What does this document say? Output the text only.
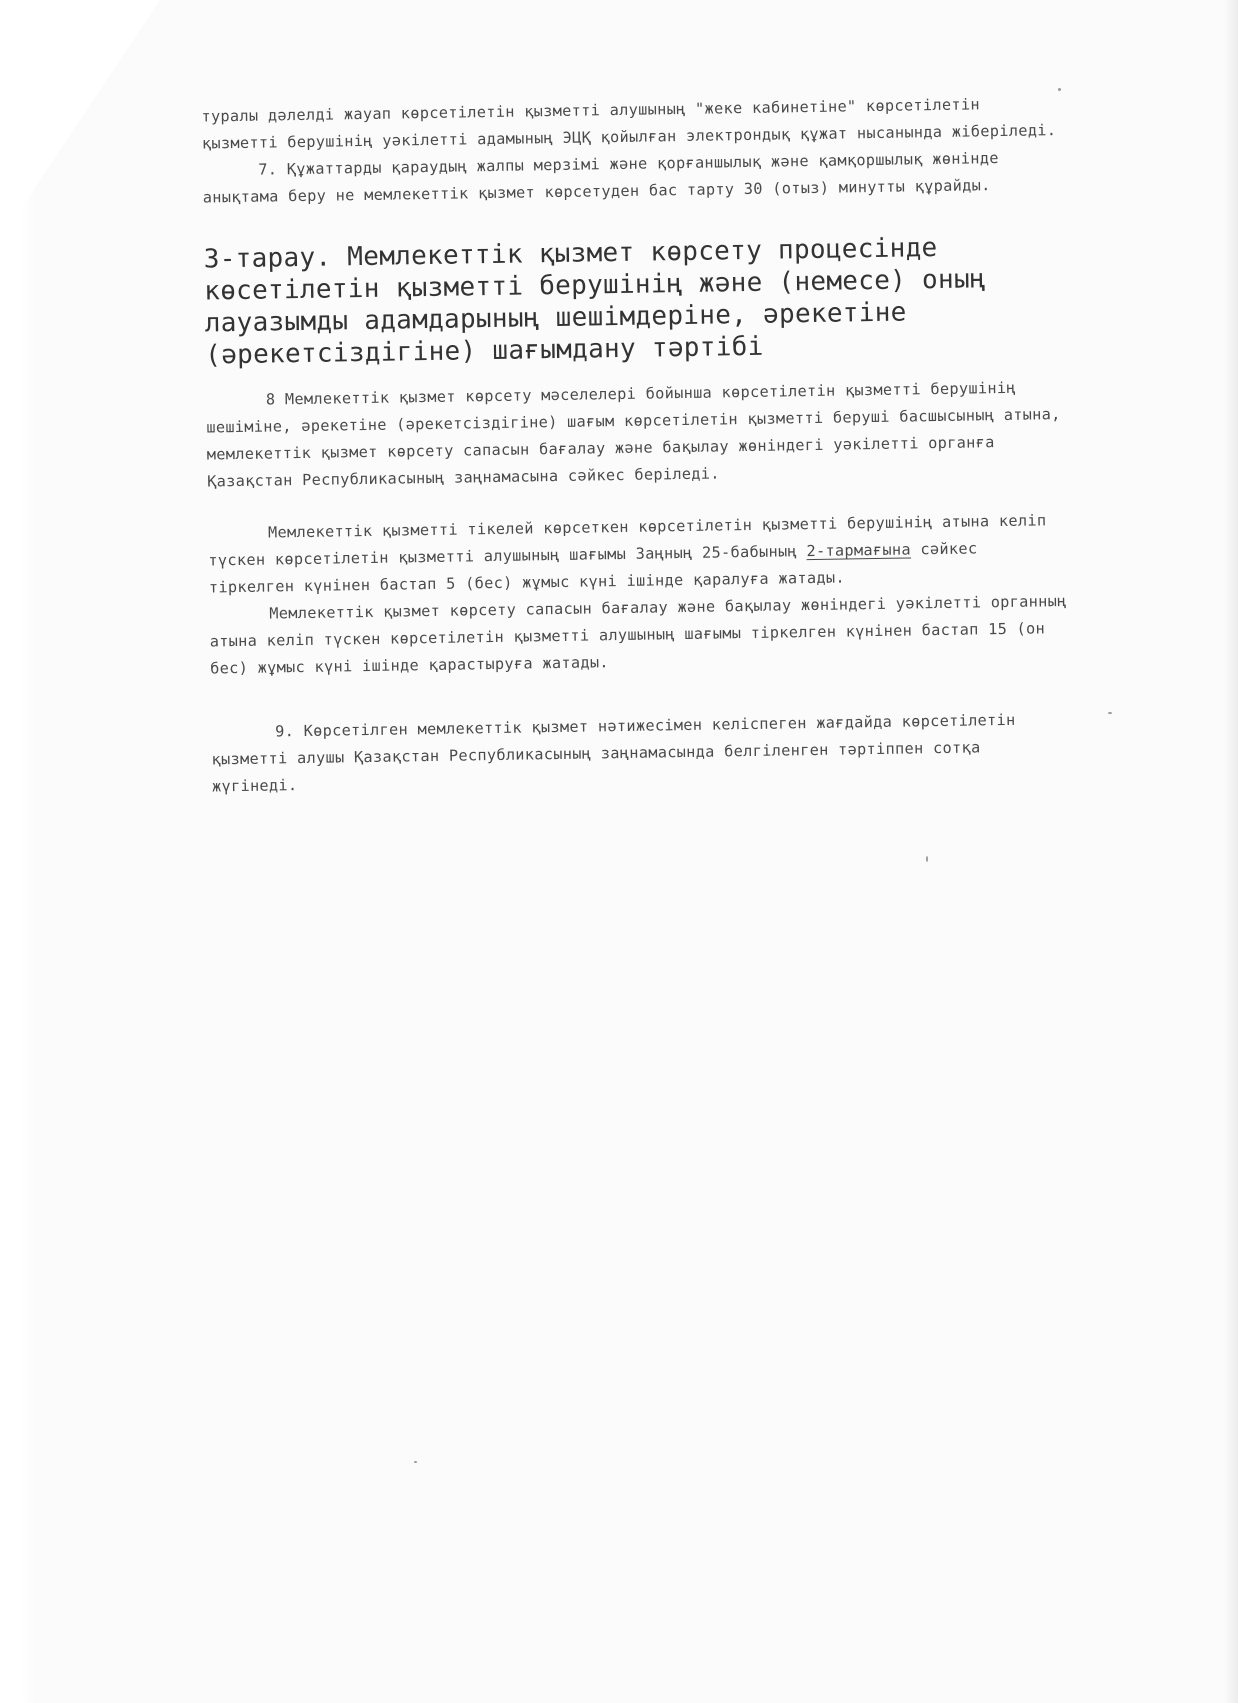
туралы дәлелді жауап көрсетілетін қызметті алушының "жеке кабинетіне" көрсетілетін
қызметті берушінің уәкілетті адамының ЭЦҚ қойылған электрондық құжат нысанында жіберіледі.
7. Құжаттарды қараудың жалпы мерзімі және қорғаншылық және қамқоршылық жөнінде
анықтама беру не мемлекеттік қызмет көрсетуден бас тарту 30 (отыз) минутты құрайды.
3-тарау. Мемлекеттік қызмет көрсету процесінде
көсетілетін қызметті берушінің және (немесе) оның
лауазымды адамдарының шешімдеріне, әрекетіне
(әрекетсіздігіне) шағымдану тәртібі
8 Мемлекеттік қызмет көрсету мәселелері бойынша көрсетілетін қызметті берушінің
шешіміне, әрекетіне (әрекетсіздігіне) шағым көрсетілетін қызметті беруші басшысының атына,
мемлекеттік қызмет көрсету сапасын бағалау және бақылау жөніндегі уәкілетті органға
Қазақстан Республикасының заңнамасына сәйкес беріледі.
Мемлекеттік қызметті тікелей көрсеткен көрсетілетін қызметті берушінің атына келіп
түскен көрсетілетін қызметті алушының шағымы Заңның 25-бабының 2-тармағына сәйкес
тіркелген күнінен бастап 5 (бес) жұмыс күні ішінде қаралуға жатады.
Мемлекеттік қызмет көрсету сапасын бағалау және бақылау жөніндегі уәкілетті органның
атына келіп түскен көрсетілетін қызметті алушының шағымы тіркелген күнінен бастап 15 (он
бес) жұмыс күні ішінде қарастыруға жатады.
9. Көрсетілген мемлекеттік қызмет нәтижесімен келіспеген жағдайда көрсетілетін
қызметті алушы Қазақстан Республикасының заңнамасында белгіленген тәртіппен сотқа
жүгінеді.
